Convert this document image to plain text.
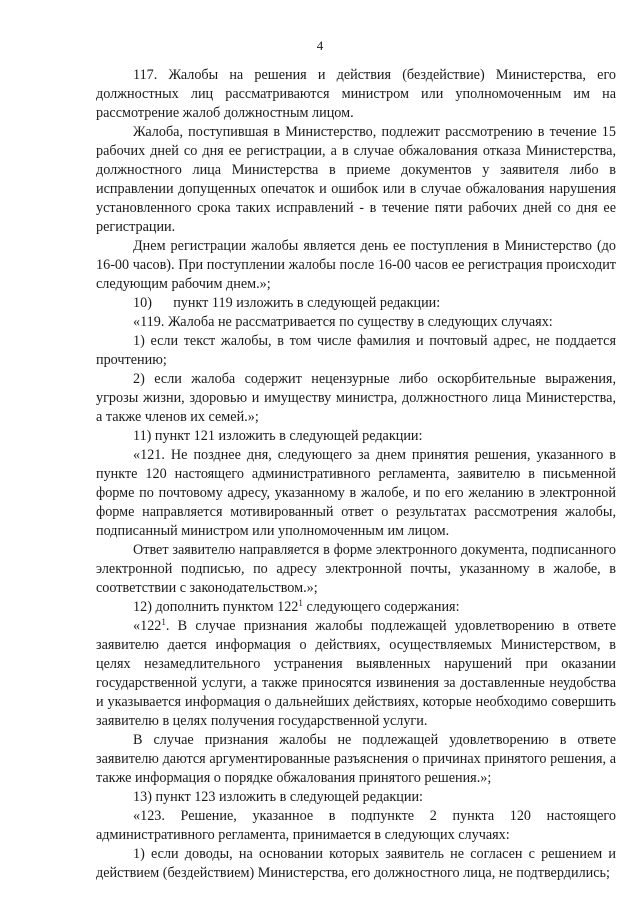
4

117. Жалобы на решения и действия (бездействие) Министерства, его должностных лиц рассматриваются министром или уполномоченным им на рассмотрение жалоб должностным лицом.

Жалоба, поступившая в Министерство, подлежит рассмотрению в течение 15 рабочих дней со дня ее регистрации, а в случае обжалования отказа Министерства, должностного лица Министерства в приеме документов у заявителя либо в исправлении допущенных опечаток и ошибок или в случае обжалования нарушения установленного срока таких исправлений - в течение пяти рабочих дней со дня ее регистрации.

Днем регистрации жалобы является день ее поступления в Министерство (до 16-00 часов). При поступлении жалобы после 16-00 часов ее регистрация происходит следующим рабочим днем.»;

10)      пункт 119 изложить в следующей редакции:

«119. Жалоба не рассматривается по существу в следующих случаях:

1) если текст жалобы, в том числе фамилия и почтовый адрес, не поддается прочтению;

2) если жалоба содержит нецензурные либо оскорбительные выражения, угрозы жизни, здоровью и имуществу министра, должностного лица Министерства, а также членов их семей.»;

11) пункт 121 изложить в следующей редакции:

«121. Не позднее дня, следующего за днем принятия решения, указанного в пункте 120 настоящего административного регламента, заявителю в письменной форме по почтовому адресу, указанному в жалобе, и по его желанию в электронной форме направляется мотивированный ответ о результатах рассмотрения жалобы, подписанный министром или уполномоченным им лицом.

Ответ заявителю направляется в форме электронного документа, подписанного электронной подписью, по адресу электронной почты, указанному в жалобе, в соответствии с законодательством.»;

12) дополнить пунктом $122^1$ следующего содержания:

«$122^1$. В случае признания жалобы подлежащей удовлетворению в ответе заявителю дается информация о действиях, осуществляемых Министерством, в целях незамедлительного устранения выявленных нарушений при оказании государственной услуги, а также приносятся извинения за доставленные неудобства и указывается информация о дальнейших действиях, которые необходимо совершить заявителю в целях получения государственной услуги.

В случае признания жалобы не подлежащей удовлетворению в ответе заявителю даются аргументированные разъяснения о причинах принятого решения, а также информация о порядке обжалования принятого решения.»;

13) пункт 123 изложить в следующей редакции:

«123. Решение, указанное в подпункте 2 пункта 120 настоящего административного регламента, принимается в следующих случаях:

1) если доводы, на основании которых заявитель не согласен с решением и действием (бездействием) Министерства, его должностного лица, не подтвердились;
